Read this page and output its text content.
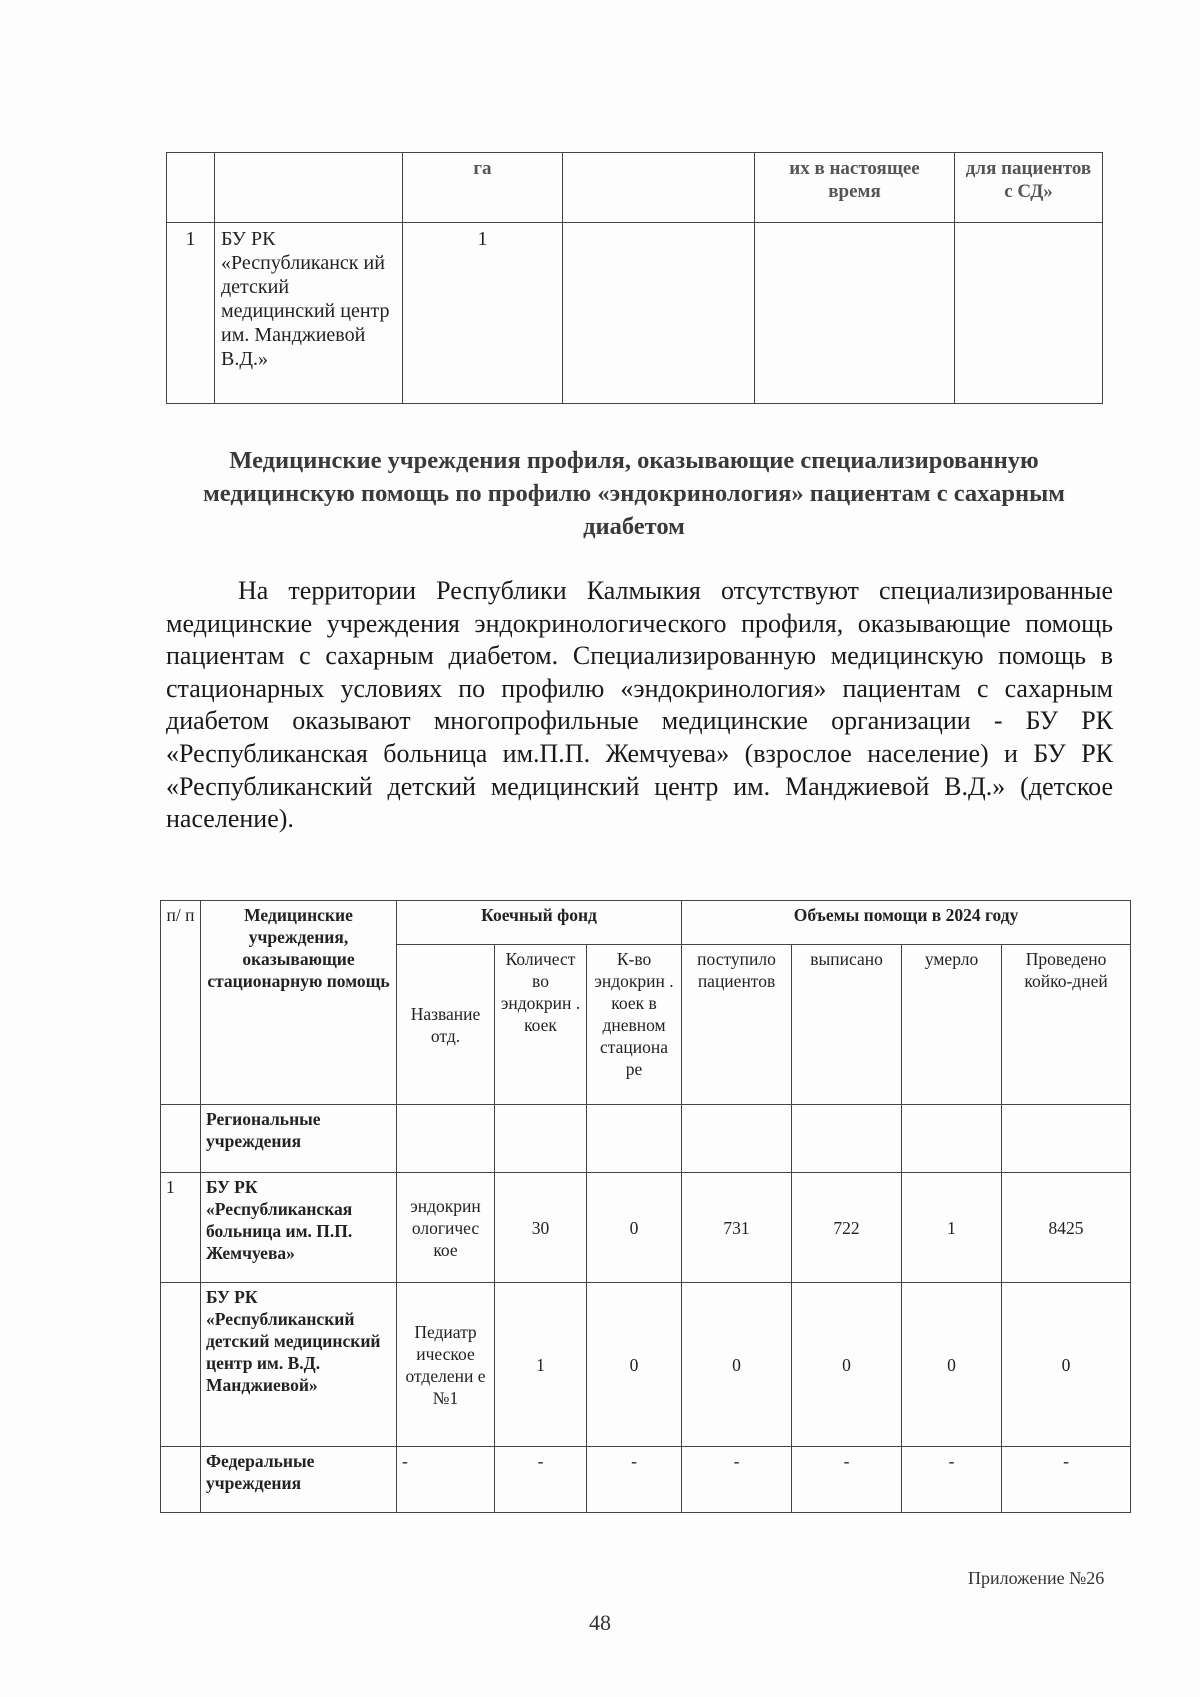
		га		их в настоящее время	для пациентов с СД»
1	БУ РК «Республиканск ий детский медицинский центр им. Манджиевой В.Д.»	1			
Медицинские учреждения профиля, оказывающие специализированную медицинскую помощь по профилю «эндокринология» пациентам с сахарным диабетом

На территории Республики Калмыкия отсутствуют специализированные медицинские учреждения эндокринологического профиля, оказывающие помощь пациентам с сахарным диабетом. Специализированную медицинскую помощь в стационарных условиях по профилю «эндокринология» пациентам с сахарным диабетом оказывают многопрофильные медицинские организации - БУ РК «Республиканская больница им.П.П. Жемчуева» (взрослое население) и БУ РК «Республиканский детский медицинский центр им. Манджиевой В.Д.» (детское население).

п/ п	Медицинские учреждения, оказывающие стационарную помощь	Коечный фонд			Объемы помощи в 2024 году			
		Название отд.	Количест во эндокрин . коек	К-во эндокрин . коек в дневном стациона ре	поступило пациентов	выписано	умерло	Проведено койко-дней
	Региональные учреждения							
1	БУ РК «Республиканская больница им. П.П. Жемчуева»	эндокрин ологичес кое	30	0	731	722	1	8425
	БУ РК «Республиканский детский медицинский центр им. В.Д. Манджиевой»	Педиатр ическое отделени е №1	1	0	0	0	0	0
	Федеральные учреждения	-	-	-	-	-	-	-
Приложение №26
48
